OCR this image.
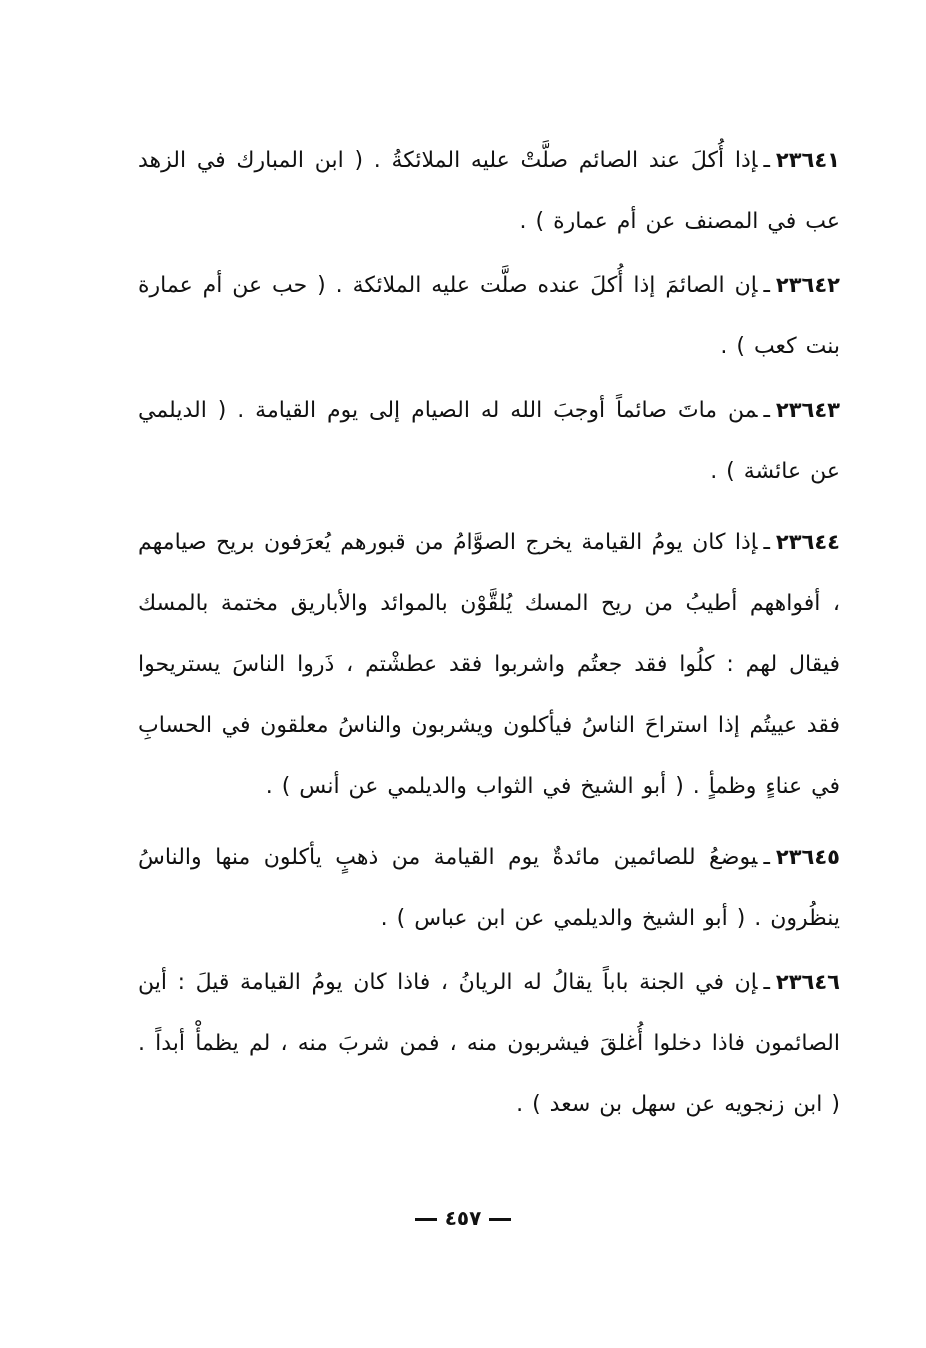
٢٣٦٤١ـإذا أُكلَ عند الصائم صلَّتْ عليه الملائكةُ . ( ابن المبارك في الزهد عب في المصنف عن أم عمارة ) .

٢٣٦٤٢ـإن الصائمَ إذا أُكلَ عنده صلَّت عليه الملائكة . ( حب عن أم عمارة بنت كعب ) .

٢٣٦٤٣ـمن ماتَ صائماً أوجبَ الله له الصيام إلى يوم القيامة . ( الديلمي عن عائشة ) .

٢٣٦٤٤ـإذا كان يومُ القيامة يخرج الصوَّامُ من قبورهم يُعرَفون بريح صيامهم ، أفواههم أطيبُ من ريح المسك يُلقَّوْن بالموائد والأباريق مختمة بالمسك فيقال لهم : كلُوا فقد جعتُم واشربوا فقد عطشْتم ، ذَروا الناسَ يستريحوا فقد عييتُم إذا استراحَ الناسُ فيأكلون ويشربون والناسُ معلقون في الحسابِ في عناءٍ وظمأٍ . ( أبو الشيخ في الثواب والديلمي عن أنس ) .

٢٣٦٤٥ـيوضعُ للصائمين مائدةٌ يوم القيامة من ذهبٍ يأكلون منها والناسُ ينظُرون . ( أبو الشيخ والديلمي عن ابن عباس ) .

٢٣٦٤٦ـإن في الجنة باباً يقالُ له الريانُ ، فاذا كان يومُ القيامة قيلَ : أين الصائمون فاذا دخلوا أُغلقَ فيشربون منه ، فمن شربَ منه ، لم يظمأْ أبداً . ( ابن زنجويه عن سهل بن سعد ) .

٤٥٧
